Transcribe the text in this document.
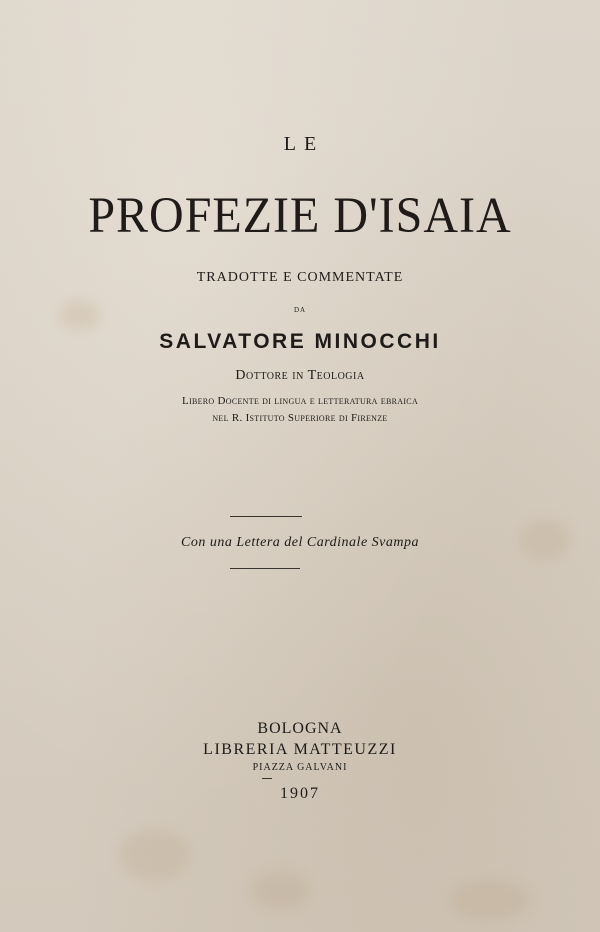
LE
PROFEZIE D'ISAIA
TRADOTTE E COMMENTATE
DA
SALVATORE MINOCCHI
Dottore in Teologia
Libero Docente di lingua e letteratura ebraica
nel R. Istituto Superiore di Firenze
Con una Lettera del Cardinale Svampa
BOLOGNA
LIBRERIA MATTEUZZI
PIAZZA GALVANI
1907
